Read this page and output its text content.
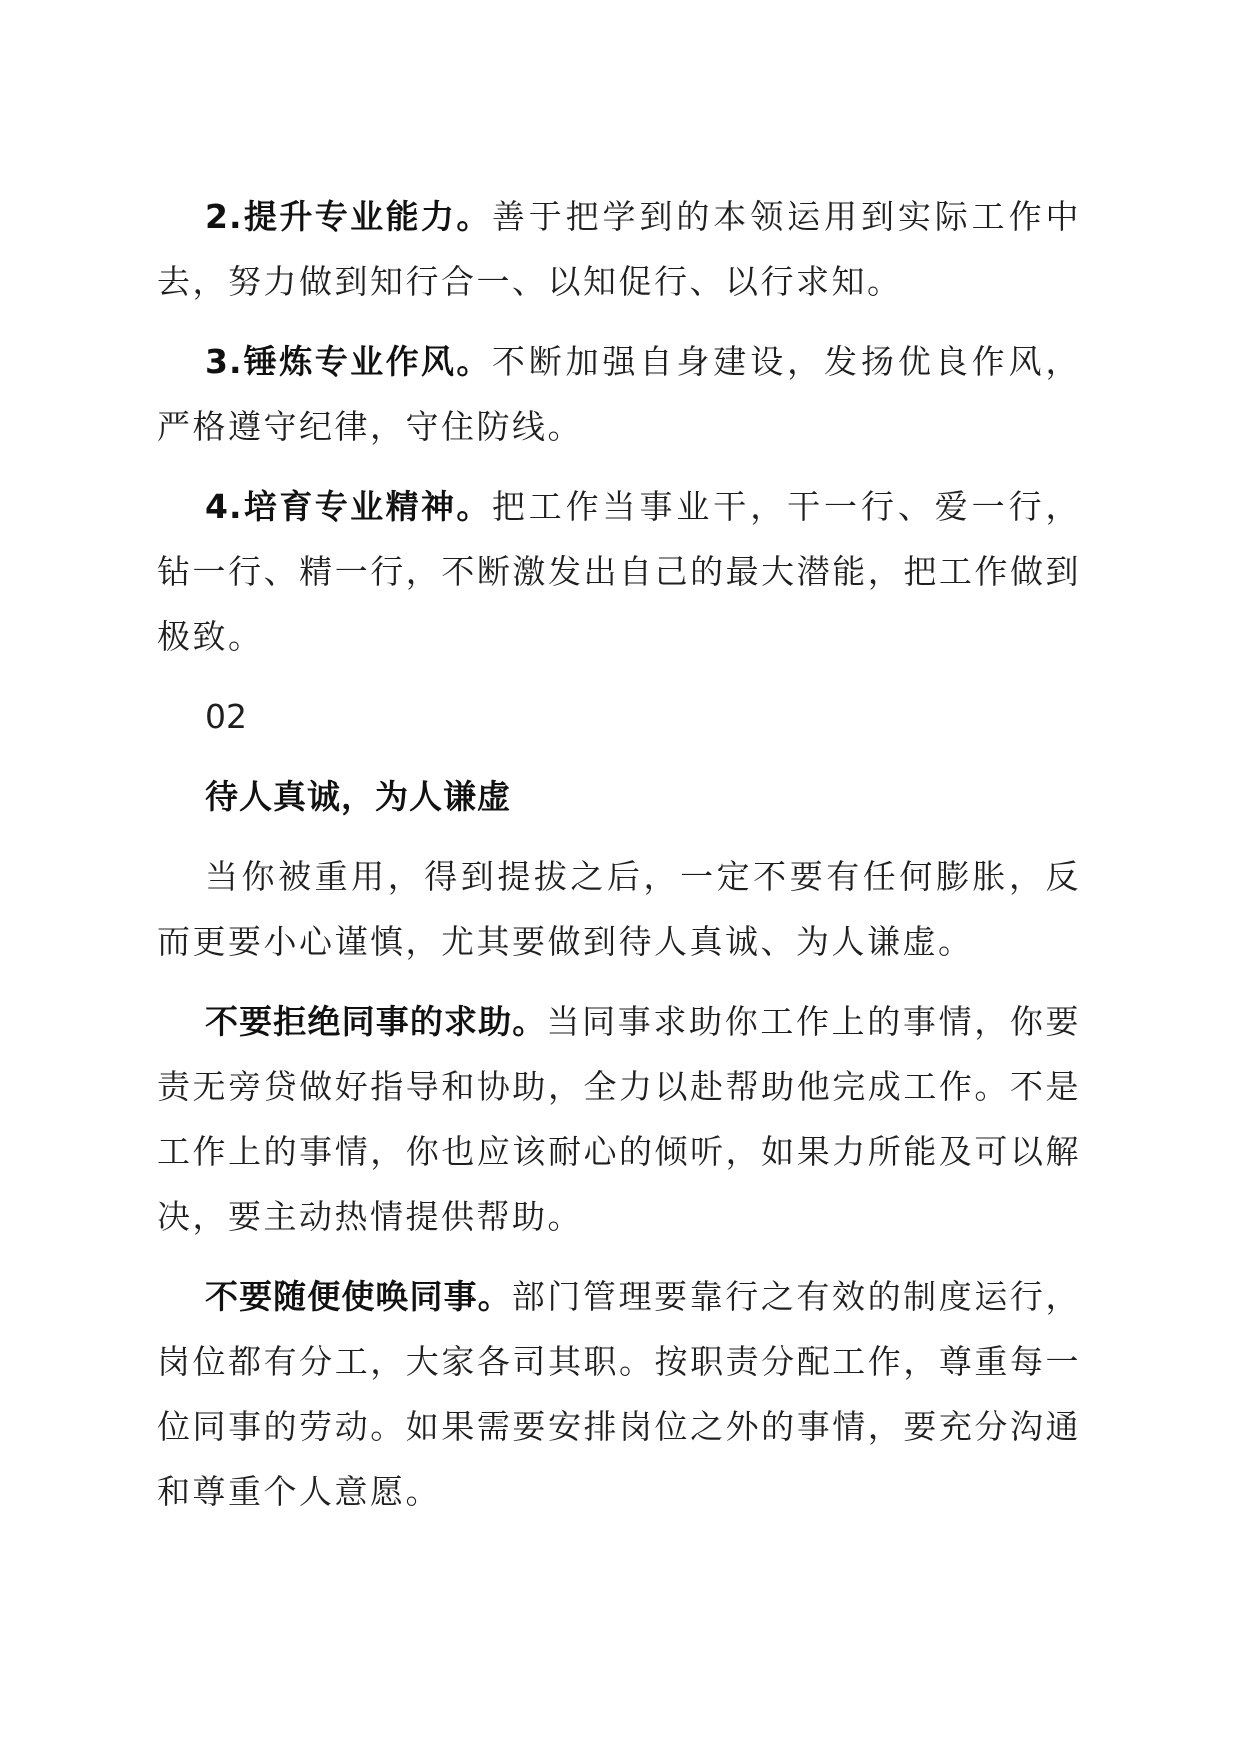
2.提升专业能力。善于把学到的本领运用到实际工作中去，努力做到知行合一、以知促行、以行求知。

3.锤炼专业作风。不断加强自身建设，发扬优良作风，严格遵守纪律，守住防线。

4.培育专业精神。把工作当事业干，干一行、爱一行，钻一行、精一行，不断激发出自己的最大潜能，把工作做到极致。

02

待人真诚，为人谦虚

当你被重用，得到提拔之后，一定不要有任何膨胀，反而更要小心谨慎，尤其要做到待人真诚、为人谦虚。

不要拒绝同事的求助。当同事求助你工作上的事情，你要责无旁贷做好指导和协助，全力以赴帮助他完成工作。不是工作上的事情，你也应该耐心的倾听，如果力所能及可以解决，要主动热情提供帮助。

不要随便使唤同事。部门管理要靠行之有效的制度运行，岗位都有分工，大家各司其职。按职责分配工作，尊重每一位同事的劳动。如果需要安排岗位之外的事情，要充分沟通和尊重个人意愿。
